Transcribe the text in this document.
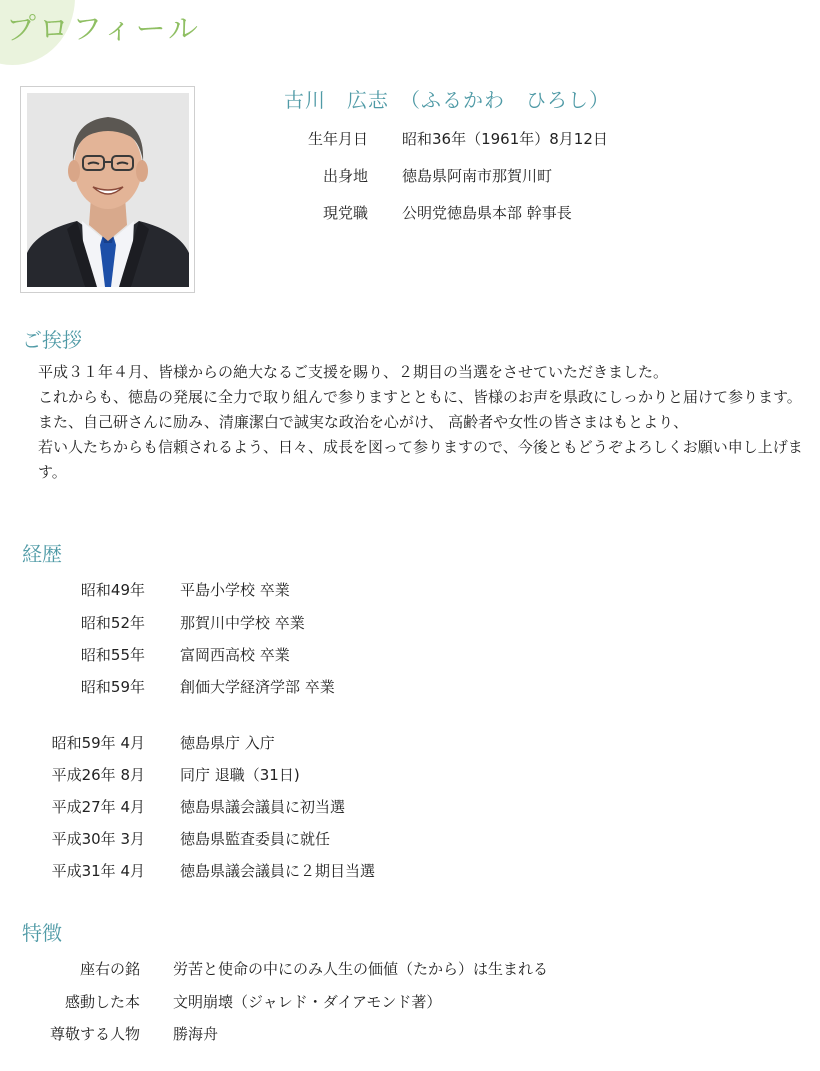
プロフィール
古川　広志　（ふるかわ　ひろし）
生年月日 昭和36年（1961年）8月12日
出身地 徳島県阿南市那賀川町
現党職 公明党徳島県本部 幹事長
ご挨拶

平成３１年４月、皆様からの絶大なるご支援を賜り、２期目の当選をさせていただきました。

これからも、徳島の発展に全力で取り組んで参りますとともに、皆様のお声を県政にしっかりと届けて参ります。

また、自己研さんに励み、清廉潔白で誠実な政治を心がけ、 高齢者や女性の皆さまはもとより、

若い人たちからも信頼されるよう、日々、成長を図って参りますので、今後ともどうぞよろしくお願い申し上げます。

経歴
昭和49年 平島小学校 卒業
昭和52年 那賀川中学校 卒業
昭和55年 富岡西高校 卒業
昭和59年 創価大学経済学部 卒業
昭和59年 4月 徳島県庁 入庁
平成26年 8月 同庁 退職（31日)
平成27年 4月 徳島県議会議員に初当選
平成30年 3月 徳島県監査委員に就任
平成31年 4月 徳島県議会議員に２期目当選
特徴
座右の銘 労苦と使命の中にのみ人生の価値（たから）は生まれる
感動した本 文明崩壊（ジャレド・ダイアモンド著）
尊敬する人物 勝海舟
